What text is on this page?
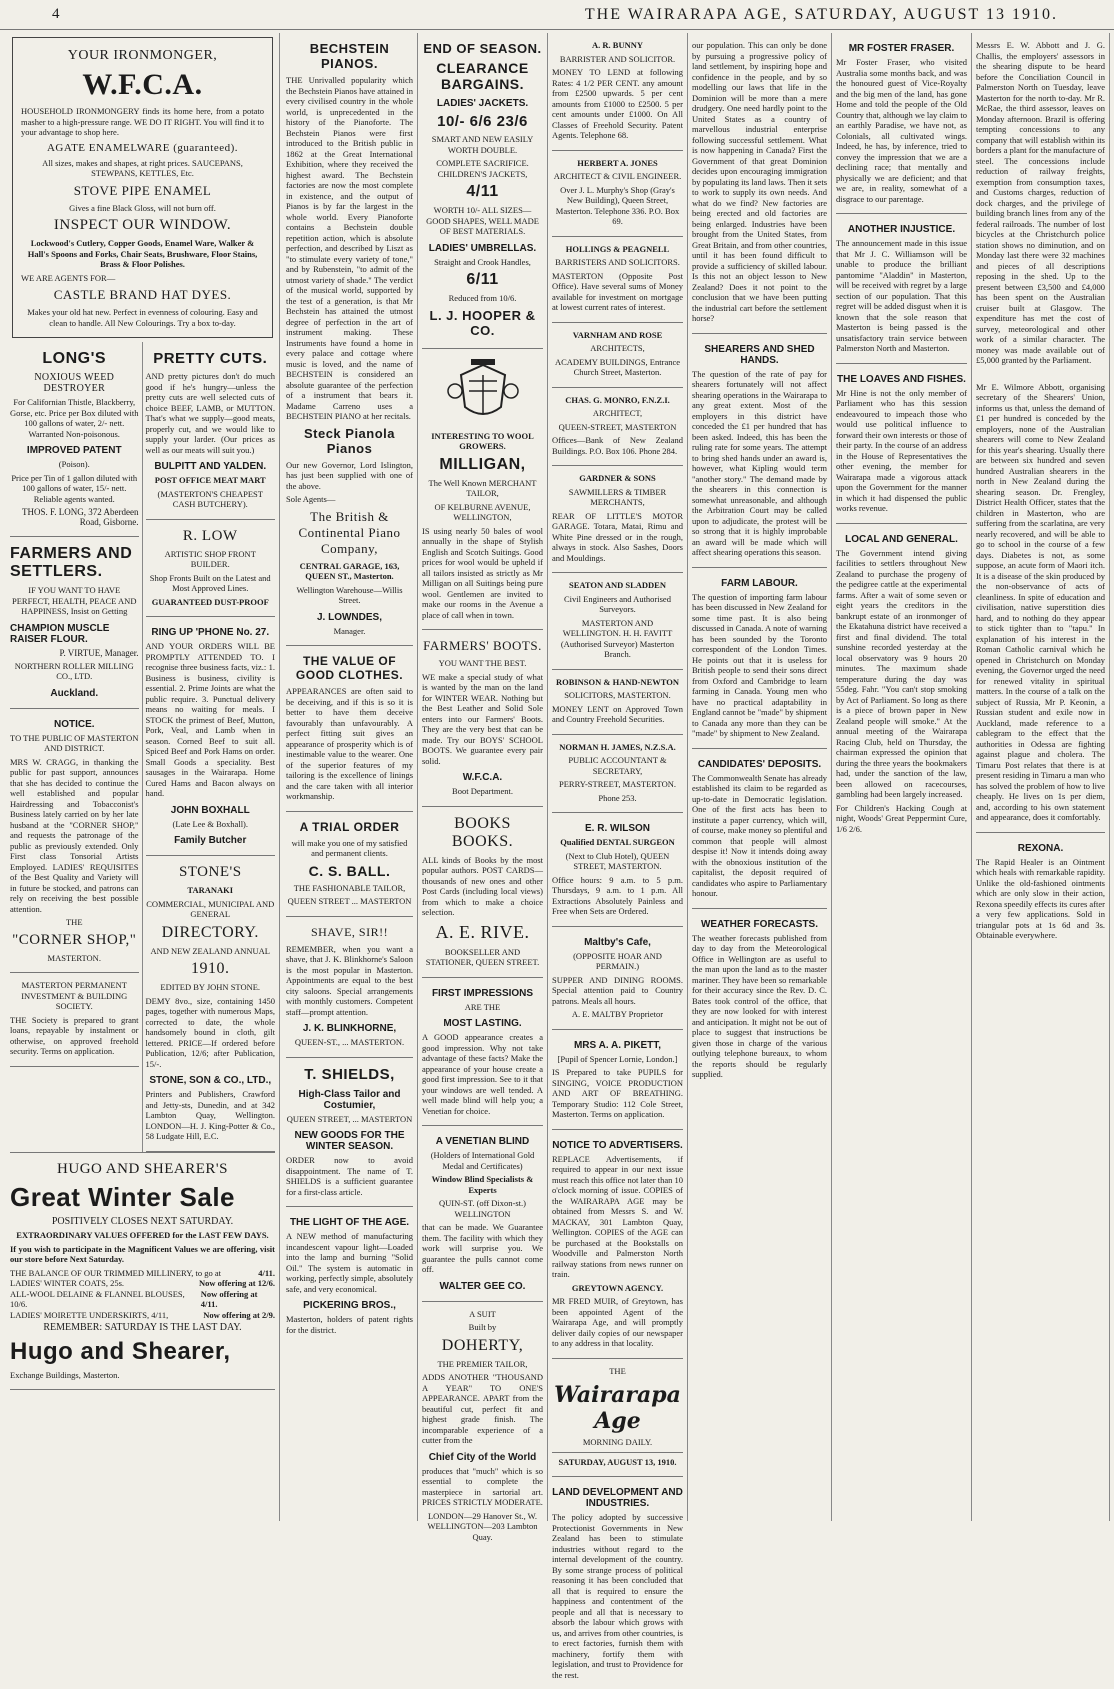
4	THE WAIRARAPA AGE, SATURDAY, AUGUST 13 1910.
YOUR IRONMONGER,
W.F.C.A.
HOUSEHOLD IRONMONGERY finds its home here, from a potato masher to a high-pressure range. WE DO IT RIGHT. You will find it to your advantage to shop here.
AGATE ENAMELWARE (guaranteed).
All sizes, makes and shapes, at right prices. SAUCEPANS, STEWPANS, KETTLES, Etc.
STOVE PIPE ENAMEL
Gives a fine Black Gloss, will not burn off.
INSPECT OUR WINDOW.
Lockwood's Cutlery, Copper Goods, Enamel Ware, Walker & Hall's Spoons and Forks, Chair Seats, Brushware, Floor Stains, Brass & Floor Polishes.
WE ARE AGENTS FOR—
CASTLE BRAND HAT DYES.
Makes your old hat new. Perfect in evenness of colouring. Easy and clean to handle. All New Colourings. Try a box to-day.
LONG'S
NOXIOUS WEED DESTROYER
For Californian Thistle, Blackberry, Gorse, etc. Price per Box diluted with 100 gallons of water, 2/- nett. Warranted Non-poisonous.
IMPROVED PATENT
(Poison).
Price per Tin of 1 gallon diluted with 100 gallons of water, 15/- nett. Reliable agents wanted.
THOS. F. LONG, 372 Aberdeen Road, Gisborne.
FARMERS AND SETTLERS.
IF YOU WANT TO HAVE PERFECT, HEALTH, PEACE AND HAPPINESS, Insist on Getting
CHAMPION MUSCLE RAISER FLOUR.
P. VIRTUE, Manager.
NORTHERN ROLLER MILLING CO., LTD.
Auckland.
NOTICE.
TO THE PUBLIC OF MASTERTON AND DISTRICT.
MRS W. CRAGG, in thanking the public for past support, announces that she has decided to continue the well established and popular Hairdressing and Tobacconist's Business lately carried on by her late husband at the "CORNER SHOP," and requests the patronage of the public as previously extended. Only First class Tonsorial Artists Employed. LADIES' REQUISITES of the Best Quality and Variety will in future be stocked, and patrons can rely on receiving the best possible attention.
THE
"CORNER SHOP,"
MASTERTON.
MASTERTON PERMANENT INVESTMENT & BUILDING SOCIETY.
THE Society is prepared to grant loans, repayable by instalment or otherwise, on approved freehold security. Terms on application.
PRETTY CUTS.
AND pretty pictures don't do much good if he's hungry—unless the pretty cuts are well selected cuts of choice BEEF, LAMB, or MUTTON. That's what we supply—good meats, properly cut, and we would like to supply your larder. (Our prices as well as our meats will suit you.)
BULPITT AND YALDEN.
POST OFFICE MEAT MART
(MASTERTON'S CHEAPEST CASH BUTCHERY).
R. LOW
ARTISTIC SHOP FRONT BUILDER.
Shop Fronts Built on the Latest and Most Approved Lines.
GUARANTEED DUST-PROOF
RING UP 'PHONE No. 27.
AND YOUR ORDERS WILL BE PROMPTLY ATTENDED TO. I recognise three business facts, viz.: 1. Business is business, civility is essential. 2. Prime Joints are what the public require. 3. Punctual delivery means no waiting for meals. I STOCK the primest of Beef, Mutton, Pork, Veal, and Lamb when in season. Corned Beef to suit all. Spiced Beef and Pork Hams on order. Small Goods a speciality. Best sausages in the Wairarapa. Home Cured Hams and Bacon always on hand.
JOHN BOXHALL
(Late Lee & Boxhall).
Family Butcher
STONE'S
TARANAKI
COMMERCIAL, MUNICIPAL AND GENERAL
DIRECTORY.
AND NEW ZEALAND ANNUAL
1910.
EDITED BY JOHN STONE.
DEMY 8vo., size, containing 1450 pages, together with numerous Maps, corrected to date, the whole handsomely bound in cloth, gilt lettered. PRICE—If ordered before Publication, 12/6; after Publication, 15/-.
STONE, SON & CO., LTD.,
Printers and Publishers, Crawford and Jetty-sts, Dunedin, and at 342 Lambton Quay, Wellington. LONDON—H. J. King-Potter & Co., 58 Ludgate Hill, E.C.
HUGO AND SHEARER'S
Great Winter Sale
POSITIVELY CLOSES NEXT SATURDAY.
EXTRAORDINARY VALUES OFFERED for the LAST FEW DAYS.
If you wish to participate in the Magnificent Values we are offering, visit our store before Next Saturday.
THE BALANCE OF OUR TRIMMED MILLINERY, to go at	4/11.
LADIES' WINTER COATS, 25s.	Now offering at 12/6.
ALL-WOOL DELAINE & FLANNEL BLOUSES, 10/6.
Now offering at 4/11.
LADIES' MOIRETTE UNDERSKIRTS, 4/11,	Now offering at 2/9.
REMEMBER: SATURDAY IS THE LAST DAY.
Hugo and Shearer,
Exchange Buildings, Masterton.
BECHSTEIN PIANOS.
THE Unrivalled popularity which the Bechstein Pianos have attained in every civilised country in the whole world, is unprecedented in the history of the Pianoforte. The Bechstein Pianos were first introduced to the British public in 1862 at the Great International Exhibition, where they received the highest award. The Bechstein factories are now the most complete in existence, and the output of Pianos is by far the largest in the whole world. Every Pianoforte contains a Bechstein double repetition action, which is absolute perfection, and described by Liszt as "to stimulate every variety of tone," and by Rubenstein, "to admit of the utmost variety of shade." The verdict of the musical world, supported by the test of a generation, is that Mr Bechstein has attained the utmost degree of perfection in the art of instrument making. These Instruments have found a home in every palace and cottage where music is loved, and the name of BECHSTEIN is considered an absolute guarantee of the perfection of a instrument that bears it. Madame Carreno uses a BECHSTEIN PIANO at her recitals.
Steck Pianola Pianos
Our new Governor, Lord Islington, has just been supplied with one of the above.
Sole Agents—
The British & Continental Piano Company,
CENTRAL GARAGE, 163, QUEEN ST., Masterton.
Wellington Warehouse—Willis Street.
J. LOWNDES,
Manager.
THE VALUE OF GOOD CLOTHES.
APPEARANCES are often said to be deceiving, and if this is so it is better to have them deceive favourably than unfavourably. A perfect fitting suit gives an appearance of prosperity which is of inestimable value to the wearer. One of the superior features of my tailoring is the excellence of linings and the care taken with all interior workmanship.
A TRIAL ORDER
will make you one of my satisfied and permanent clients.
C. S. BALL.
THE FASHIONABLE TAILOR,
QUEEN STREET ... MASTERTON
SHAVE, SIR!!
REMEMBER, when you want a shave, that J. K. Blinkhorne's Saloon is the most popular in Masterton. Appointments are equal to the best city saloons. Special arrangements with monthly customers. Competent staff—prompt attention.
J. K. BLINKHORNE,
QUEEN-ST., ... MASTERTON.
T. SHIELDS,
High-Class Tailor and Costumier,
QUEEN STREET, ... MASTERTON
NEW GOODS FOR THE WINTER SEASON.
ORDER now to avoid disappointment. The name of T. SHIELDS is a sufficient guarantee for a first-class article.
THE LIGHT OF THE AGE.
A NEW method of manufacturing incandescent vapour light—Loaded into the lamp and burning "Solid Oil." The system is automatic in working, perfectly simple, absolutely safe, and very economical.
PICKERING BROS.,
Masterton, holders of patent rights for the district.
END OF SEASON.
CLEARANCE BARGAINS.
LADIES' JACKETS.
10/- 6/6 23/6
SMART AND NEW EASILY WORTH DOUBLE.
COMPLETE SACRIFICE. CHILDREN'S JACKETS,
4/11
WORTH 10/- ALL SIZES—GOOD SHAPES, WELL MADE OF BEST MATERIALS.
LADIES' UMBRELLAS.
Straight and Crook Handles,
6/11
Reduced from 10/6.
L. J. HOOPER & CO.
INTERESTING TO WOOL GROWERS.
MILLIGAN,
The Well Known MERCHANT TAILOR,
OF KELBURNE AVENUE, WELLINGTON,
IS using nearly 50 bales of wool annually in the shape of Stylish English and Scotch Suitings. Good prices for wool would be upheld if all tailors insisted as strictly as Mr Milligan on all Suitings being pure wool. Gentlemen are invited to make our rooms in the Avenue a place of call when in town.
FARMERS' BOOTS.
YOU WANT THE BEST.
WE make a special study of what is wanted by the man on the land for WINTER WEAR. Nothing but the Best Leather and Solid Sole enters into our Farmers' Boots. They are the very best that can be made. Try our BOYS' SCHOOL BOOTS. We guarantee every pair solid.
W.F.C.A.
Boot Department.
BOOKS BOOKS.
ALL kinds of Books by the most popular authors. POST CARDS—thousands of new ones and other Post Cards (including local views) from which to make a choice selection.
A. E. RIVE.
BOOKSELLER AND STATIONER, QUEEN STREET.
FIRST IMPRESSIONS
ARE THE
MOST LASTING.
A GOOD appearance creates a good impression. Why not take advantage of these facts? Make the appearance of your house create a good first impression. See to it that your windows are well tended. A well made blind will help you; a Venetian for choice.
A VENETIAN BLIND
(Holders of International Gold Medal and Certificates)
Window Blind Specialists & Experts
QUIN-ST. (off Dixon-st.) WELLINGTON
that can be made. We Guarantee them. The facility with which they work will surprise you. We guarantee the pulls cannot come off.
WALTER GEE CO.
A SUIT
Built by
DOHERTY,
THE PREMIER TAILOR,
ADDS ANOTHER "THOUSAND A YEAR" TO ONE'S APPEARANCE. APART from the beautiful cut, perfect fit and highest grade finish. The incomparable experience of a cutter from the
Chief City of the World
produces that "much" which is so essential to complete the masterpiece in sartorial art. PRICES STRICTLY MODERATE.
LONDON—29 Hanover St., W. WELLINGTON—203 Lambton Quay.
A. R. BUNNY
BARRISTER AND SOLICITOR.
MONEY TO LEND at following Rates: 4 1/2 PER CENT. any amount from £2500 upwards. 5 per cent amounts from £1000 to £2500. 5 per cent amounts under £1000. On All Classes of Freehold Security. Patent Agents. Telephone 68.
HERBERT A. JONES
ARCHITECT & CIVIL ENGINEER.
Over J. L. Murphy's Shop (Gray's New Building), Queen Street, Masterton. Telephone 336. P.O. Box 69.
HOLLINGS & PEAGNELL
BARRISTERS AND SOLICITORS.
MASTERTON (Opposite Post Office). Have several sums of Money available for investment on mortgage at lowest current rates of interest.
VARNHAM AND ROSE
ARCHITECTS,
ACADEMY BUILDINGS, Entrance Church Street, Masterton.
CHAS. G. MONRO, F.N.Z.I.
ARCHITECT,
QUEEN-STREET, MASTERTON
Offices—Bank of New Zealand Buildings. P.O. Box 106. Phone 284.
GARDNER & SONS
SAWMILLERS & TIMBER MERCHANTS,
REAR OF LITTLE'S MOTOR GARAGE. Totara, Matai, Rimu and White Pine dressed or in the rough, always in stock. Also Sashes, Doors and Mouldings.
SEATON AND SLADDEN
Civil Engineers and Authorised Surveyors.
MASTERTON AND WELLINGTON. H. H. FAVITT (Authorised Surveyor) Masterton Branch.
ROBINSON & HAND-NEWTON
SOLICITORS, MASTERTON.
MONEY LENT on Approved Town and Country Freehold Securities.
NORMAN H. JAMES, N.Z.S.A.
PUBLIC ACCOUNTANT & SECRETARY,
PERRY-STREET, MASTERTON.
Phone 253.
E. R. WILSON
Qualified DENTAL SURGEON
(Next to Club Hotel), QUEEN STREET, MASTERTON.
Office hours: 9 a.m. to 5 p.m. Thursdays, 9 a.m. to 1 p.m. All Extractions Absolutely Painless and Free when Sets are Ordered.
Maltby's Cafe,
(OPPOSITE HOAR AND PERMAIN.)
SUPPER AND DINING ROOMS. Special attention paid to Country patrons. Meals all hours.
A. E. MALTBY Proprietor
MRS A. A. PIKETT,
[Pupil of Spencer Lornie, London.]
IS Prepared to take PUPILS for SINGING, VOICE PRODUCTION AND ART OF BREATHING. Temporary Studio: 112 Cole Street, Masterton. Terms on application.
NOTICE TO ADVERTISERS.
REPLACE Advertisements, if required to appear in our next issue must reach this office not later than 10 o'clock morning of issue. COPIES of the WAIRARAPA AGE may be obtained from Messrs S. and W. MACKAY, 301 Lambton Quay, Wellington. COPIES of the AGE can be purchased at the Bookstalls on Woodville and Palmerston North railway stations from news runner on train.
GREYTOWN AGENCY.
MR FRED MUIR, of Greytown, has been appointed Agent of the Wairarapa Age, and will promptly deliver daily copies of our newspaper to any address in that locality.
THE
Wairarapa Age
MORNING DAILY.
SATURDAY, AUGUST 13, 1910.
LAND DEVELOPMENT AND INDUSTRIES.
The policy adopted by successive Protectionist Governments in New Zealand has been to stimulate industries without regard to the internal development of the country. By some strange process of political reasoning it has been concluded that all that is required to ensure the happiness and contentment of the people and all that is necessary to absorb the labour which grows with us, and arrives from other countries, is to erect factories, furnish them with machinery, fortify them with legislation, and trust to Providence for the rest.
our population. This can only be done by pursuing a progressive policy of land settlement, by inspiring hope and confidence in the people, and by so modelling our laws that life in the Dominion will be more than a mere drudgery. One need hardly point to the United States as a country of marvellous industrial enterprise following successful settlement. What is now happening in Canada? First the Government of that great Dominion decides upon encouraging immigration by populating its land laws. Then it sets to work to supply its own needs. And what do we find? New factories are being erected and old factories are being enlarged. Industries have been brought from the United States, from Great Britain, and from other countries, until it has been found difficult to provide a sufficiency of skilled labour. Is this not an object lesson to New Zealand? Does it not point to the conclusion that we have been putting the industrial cart before the settlement horse?
SHEARERS AND SHED HANDS.
The question of the rate of pay for shearers fortunately will not affect shearing operations in the Wairarapa to any great extent. Most of the employers in this district have conceded the £1 per hundred that has been asked. Indeed, this has been the ruling rate for some years. The attempt to bring shed hands under an award is, however, what Kipling would term "another story." The demand made by the shearers in this connection is somewhat unreasonable, and although the Arbitration Court may be called upon to adjudicate, the protest will be so strong that it is highly improbable an award will be made which will affect shearing operations this season.
FARM LABOUR.
The question of importing farm labour has been discussed in New Zealand for some time past. It is also being discussed in Canada. A note of warning has been sounded by the Toronto correspondent of the London Times. He points out that it is useless for British people to send their sons direct from Oxford and Cambridge to learn farming in Canada. Young men who have no practical adaptability in England cannot be "made" by shipment to Canada any more than they can be "made" by shipment to New Zealand.
CANDIDATES' DEPOSITS.
The Commonwealth Senate has already established its claim to be regarded as up-to-date in Democratic legislation. One of the first acts has been to institute a paper currency, which will, of course, make money so plentiful and common that people will almost despise it! Now it intends doing away with the obnoxious institution of the capitalist, the deposit required of candidates who aspire to Parliamentary honour.
WEATHER FORECASTS.
The weather forecasts published from day to day from the Meteorological Office in Wellington are as useful to the man upon the land as to the master mariner. They have been so remarkable for their accuracy since the Rev. D. C. Bates took control of the office, that they are now looked for with interest and anticipation. It might not be out of place to suggest that instructions be given those in charge of the various outlying telephone bureaux, to whom the reports should be regularly supplied.
MR FOSTER FRASER.
Mr Foster Fraser, who visited Australia some months back, and was the honoured guest of Vice-Royalty and the big men of the land, has gone Home and told the people of the Old Country that, although we lay claim to an earthly Paradise, we have not, as Colonials, all cultivated wings. Indeed, he has, by inference, tried to convey the impression that we are a declining race; that mentally and physically we are deficient; and that we are, in reality, somewhat of a disgrace to our parentage.
ANOTHER INJUSTICE.
The announcement made in this issue that Mr J. C. Williamson will be unable to produce the brilliant pantomime "Aladdin" in Masterton, will be received with regret by a large section of our population. That this regret will be added disgust when it is known that the sole reason that Masterton is being passed is the unsatisfactory train service between Palmerston North and Masterton.
THE LOAVES AND FISHES.
Mr Hine is not the only member of Parliament who has this session endeavoured to impeach those who would use political influence to forward their own interests or those of their party. In the course of an address in the House of Representatives the other evening, the member for Wairarapa made a vigorous attack upon the Government for the manner in which it had dispensed the public works revenue.
LOCAL AND GENERAL.
The Government intend giving facilities to settlers throughout New Zealand to purchase the progeny of the pedigree cattle at the experimental farms. After a wait of some seven or eight years the creditors in the bankrupt estate of an ironmonger of the Ekatahuna district have received a first and final dividend. The total sunshine recorded yesterday at the local observatory was 9 hours 20 minutes. The maximum shade temperature during the day was 55deg. Fahr. "You can't stop smoking by Act of Parliament. So long as there is a piece of brown paper in New Zealand people will smoke." At the annual meeting of the Wairarapa Racing Club, held on Thursday, the chairman expressed the opinion that during the three years the bookmakers had, under the sanction of the law, been allowed on racecourses, gambling had been largely increased.
For Children's Hacking Cough at night, Woods' Great Peppermint Cure, 1/6 2/6.
Messrs E. W. Abbott and J. G. Challis, the employers' assessors in the shearing dispute to be heard before the Conciliation Council in Palmerston North on Tuesday, leave Masterton for the north to-day. Mr R. McRae, the third assessor, leaves on Monday afternoon. Brazil is offering tempting concessions to any company that will establish within its borders a plant for the manufacture of steel. The concessions include reduction of railway freights, exemption from consumption taxes, and Customs charges, reduction of dock charges, and the privilege of building branch lines from any of the federal railroads. The number of lost bicycles at the Christchurch police station shows no diminution, and on Monday last there were 32 machines and pieces of all descriptions reposing in the shed. Up to the present between £3,500 and £4,000 has been spent on the Australian cruiser built at Glasgow. The expenditure has met the cost of survey, meteorological and other work of a similar character. The money was made available out of £5,000 granted by the Parliament.
Mr E. Wilmore Abbott, organising secretary of the Shearers' Union, informs us that, unless the demand of £1 per hundred is conceded by the employers, none of the Australian shearers will come to New Zealand for this year's shearing. Usually there are between six hundred and seven hundred Australian shearers in the north in New Zealand during the shearing season. Dr. Frengley, District Health Officer, states that the children in Masterton, who are suffering from the scarlatina, are very nearly recovered, and will be able to go to school in the course of a few days. Diabetes is not, as some suppose, an acute form of Maori itch. It is a disease of the skin produced by the non-observance of acts of cleanliness. In spite of education and civilisation, native superstition dies hard, and to nothing do they appear to stick tighter than to "tapu." In explanation of his interest in the Roman Catholic carnival which he opened in Christchurch on Monday evening, the Governor urged the need for renewed vitality in spiritual matters. In the course of a talk on the subject of Russia, Mr P. Keonin, a Russian student and exile now in Auckland, made reference to a cablegram to the effect that the authorities in Odessa are fighting against plague and cholera. The Timaru Post relates that there is at present residing in Timaru a man who has solved the problem of how to live cheaply. He lives on 1s per diem, and, according to his own statement and appearance, does it comfortably.
REXONA.
The Rapid Healer is an Ointment which heals with remarkable rapidity. Unlike the old-fashioned ointments which are only slow in their action, Rexona speedily effects its cures after a very few applications. Sold in triangular pots at 1s 6d and 3s. Obtainable everywhere.
